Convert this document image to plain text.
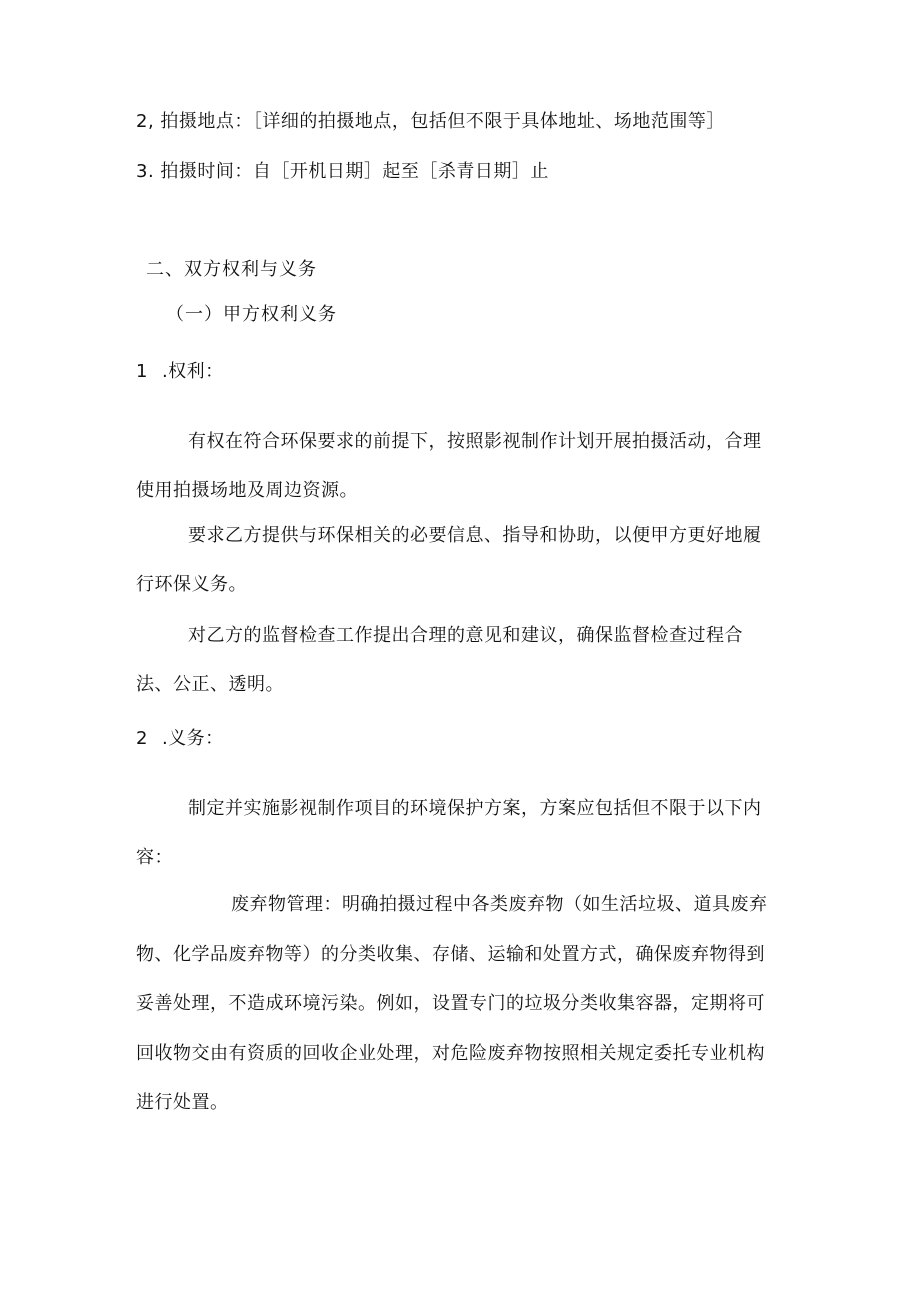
2, 拍摄地点：［详细的拍摄地点，包括但不限于具体地址、场地范围等］
3. 拍摄时间：自［开机日期］起至［杀青日期］止
二、双方权利与义务
（一）甲方权利义务
1 .权利：
有权在符合环保要求的前提下，按照影视制作计划开展拍摄活动，合理
使用拍摄场地及周边资源。
要求乙方提供与环保相关的必要信息、指导和协助，以便甲方更好地履
行环保义务。
对乙方的监督检查工作提出合理的意见和建议，确保监督检查过程合
法、公正、透明。
2 .义务：
制定并实施影视制作项目的环境保护方案，方案应包括但不限于以下内
容：
废弃物管理：明确拍摄过程中各类废弃物（如生活垃圾、道具废弃
物、化学品废弃物等）的分类收集、存储、运输和处置方式，确保废弃物得到
妥善处理，不造成环境污染。例如，设置专门的垃圾分类收集容器，定期将可
回收物交由有资质的回收企业处理，对危险废弃物按照相关规定委托专业机构
进行处置。
